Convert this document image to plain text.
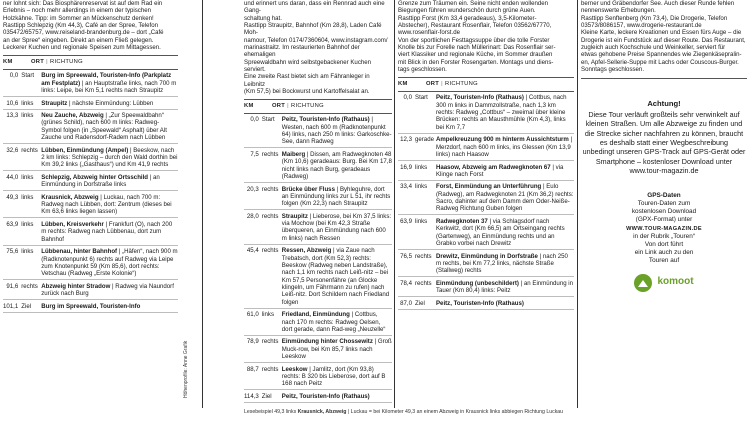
ner lohnt sich: Das Biosphärenreservat ist auf dem Rad ein
Erlebnis – noch mehr allerdings in einem der typischen
Holzkähne. Tipp: im Sommer an Mückenschutz denken!
Rasttipp Schlepzig (Km 44,3), Café an der Spree, Telefon
035472/65757, www.reiseland-brandenburg.de – dort „Café
an der Spree“ eingeben. Direkt an einem Fließ gelegen.
Leckerer Kuchen und regionale Speisen zum Mittagessen.
KM	ORT | RICHTUNG
0,0	Start	Burg im Spreewald, Touristen-Info (Parkplatz am Festplatz) | an Hauptstraße links, nach 700 m links: Leipe, bei Km 5,1 rechts nach Straupitz
10,6	links	Straupitz | nächste Einmündung: Lübben
13,3	links	Neu Zauche, Abzweig | „Zur Speewaldbahn“ (grünes Schild), nach 600 m links: Radweg-Symbol folgen (in „Speewald“ Asphalt) über Alt Zauche und Radensdorf-Radem nach Lübben
32,6	rechts	Lübben, Einmündung (Ampel) | Beeskow, nach 2 km links: Schlepzig – durch den Wald dorthin bei Km 39,2 links („Gasthaus“) und Km 41,9 rechts
44,0	links	Schlepzig, Abzweig hinter Ortsschild | an Einmündung in Dorfstraße links
49,3	links	Krausnick, Abzweig | Luckau, nach 700 m: Radweg nach Lübben, dort: Zentrum (dieses bei Km 63,6 links liegen lassen)
63,9	links	Lübben, Kreisverkehr | Frankfurt (O), nach 200 m rechts: Radweg nach Lübbenau, dort zum Bahnhof
75,6	links	Lübbenau, hinter Bahnhof | „Häfen“, nach 900 m (Radknotenpunkt 6) rechts auf Radweg via Leipe zum Knotenpunkt 59 (Km 85,6), dort rechts: Vetschau (Radweg „Erste Kolonie“)
91,6	rechts	Abzweig hinter Stradow | Radweg via Naundorf zurück nach Burg
101,1	Ziel	Burg im Spreewald, Touristen-Info
Höhenprofile: Anne Grafik
und erinnert uns daran, dass ein Rennrad auch eine Gang-
schaltung hat.
Rasttipp Straupitz, Bahnhof (Km 28,8), Laden Café Moh-
namour, Telefon 0174/7360604, www.instagram.com/
marinastraitz. Im restaurierten Bahnhof der ehemaligen
Spreewaldbahn wird selbstgebackener Kuchen serviert.
Eine zweite Rast bietet sich am Fähranleger in Leibnitz
(Km 57,5) bei Bockwurst und Kartoffelsalat an.
KM	ORT | RICHTUNG
0,0	Start	Peitz, Touristen-Info (Rathaus) | Westen, nach 600 m (Radknotenpunkt 64) links, nach 250 m links: Garkoschke-See, dann Radweg
7,5	rechts	Maiberg | Dissen, am Radwegknoten 48 (Km 10,6) geradeaus: Burg. Bei Km 17,8 nicht links nach Burg, geradeaus (Radweg)
20,3	rechts	Brücke über Fluss | Byhleguhre, dort an Einmündung links zur L 51, ihr rechts folgen (Km 22,3) nach Straupitz
28,0	rechts	Straupitz | Lieberose, bei Km 37,5 links: via Mochow (bei Km 42,3 Straße überqueren, an Einmündung nach 600 m links) nach Ressen
45,4	rechts	Ressen, Abzweig | via Zaue nach Trebatsch, dort (Km 52,3) rechts: Beeskow (Radweg neben Landstraße), nach 1,1 km rechts nach Leiß-nitz – bei Km 57,5 Personenfähre (an Glocke klingeln, um Fährmann zu rufen) nach Leiß-nitz. Dort Schildern nach Friedland folgen
61,0	links	Friedland, Einmündung | Cottbus, nach 170 m rechts: Radweg Oelsen, dort gerade, dann Rad-weg „Neuzelle“
78,9	rechts	Einmündung hinter Chossewitz | Groß Muck-row, bei Km 85,7 links nach Leeskow
88,7	rechts	Leeskow | Jamlitz, dort (Km 93,8) rechts: B 320 bis Lieberose, dort auf B 168 nach Peitz
114,3	Ziel	Peitz, Touristen-Info (Rathaus)
Grenze zum Träumen ein. Seine nicht enden wollenden
Biegungen führen wunderschön durch grüne Auen.
Rasttipp Forst (Km 33,4 geradeaus), 3,5-Kilometer-
Abstecher), Restaurant Rosenflair, Telefon 03562/67770,
www.rosenflair-forst.de
Von der sportlichen Festtagssuppe über die tolle Forster
Knolle bis zur Forelle nach Müllerinart: Das Rosenflair ser-
viert Klassiker und regionale Küche, im Sommer draußen
mit Blick in den Forster Rosengarten. Montags und diens-
tags geschlossen.
KM	ORT | RICHTUNG
0,0	Start	Peitz, Touristen-Info (Rathaus) | Cottbus, nach 300 m links in Dammzollstraße, nach 1,3 km rechts: Radweg „Cottbus“ – zweimal über kleine Brücken: rechts an Mausthmühle (Km 4,3), links bei Km 7,7
12,3	gerade	Ampelkreuzung 900 m hinterm Aussichtsturm | Merzdorf, nach 600 m links, ins Glessen (Km 13,9 links) nach Haasow
16,9	links	Haasow, Abzweig am Radwegknoten 67 | via Klinge nach Forst
33,4	links	Forst, Einmündung an Unterführung | Eulo (Radweg), am Radwegknoten 21 (Km 36,2) rechts: Sacro, dahinter auf dem Damm dem Oder-Neiße-Radweg Richtung Guben folgen
63,9	links	Radwegknoten 37 | via Schlagsdorf nach Kerkwitz, dort (Km 66,5) am Ortseingang rechts (Gartenweg), an Einmündung rechts und an Grabko vorbei nach Drewitz
76,5	rechts	Drewitz, Einmündung in Dorfstraße | nach 250 m rechts, bei Km 77,2 links, nächste Straße (Stallweg) rechts
78,4	rechts	Einmündung (unbeschildert) | an Einmündung in Tauer (Km 80,4) links: Peitz
87,0	Ziel	Peitz, Touristen-Info (Rathaus)
berner und Gräbendorfer See. Auch dieser Runde fehlen
nennenswerte Erhebungen.
Rasttipp Senftenberg (Km 73,4), Die Drogerie, Telefon
03573/8086157, www.drogerie-restaurant.de
Kleine Karte, leckere Kreationen und Essen fürs Auge – die
Drogerie ist ein Fundstück auf dieser Route. Das Restaurant,
zugleich auch Kochschule und Weinkeller, serviert für
etwas gehobene Preise Spannendes wie Ziegenkäsepralin-
en, Apfel-Sellerie-Suppe mit Lachs oder Couscous-Burger.
Sonntags geschlossen.
Achtung!
Diese Tour verläuft großteils sehr verwinkelt auf
kleinen Straßen. Um alle Abzweige zu finden und
die Strecke sicher nachfahren zu können, braucht
es deshalb statt einer Wegbeschreibung
unbedingt unseren GPS-Track auf GPS-Gerät oder
Smartphone – kostenloser Download unter
www.tour-magazin.de
GPS-Daten
Touren-Daten zum
kostenlosen Download
(GPX-Format) unter
WWW.TOUR-MAGAZIN.DE
in der Rubrik „Touren“
Von dort führt
ein Link auch zu den
Touren auf
komoot
Lesebeispiel 49,3 links Krausnick, Abzweig | Luckau = bei Kilometer 49,3 an einem Abzweig in Krausnick links abbiegen Richtung Luckau
